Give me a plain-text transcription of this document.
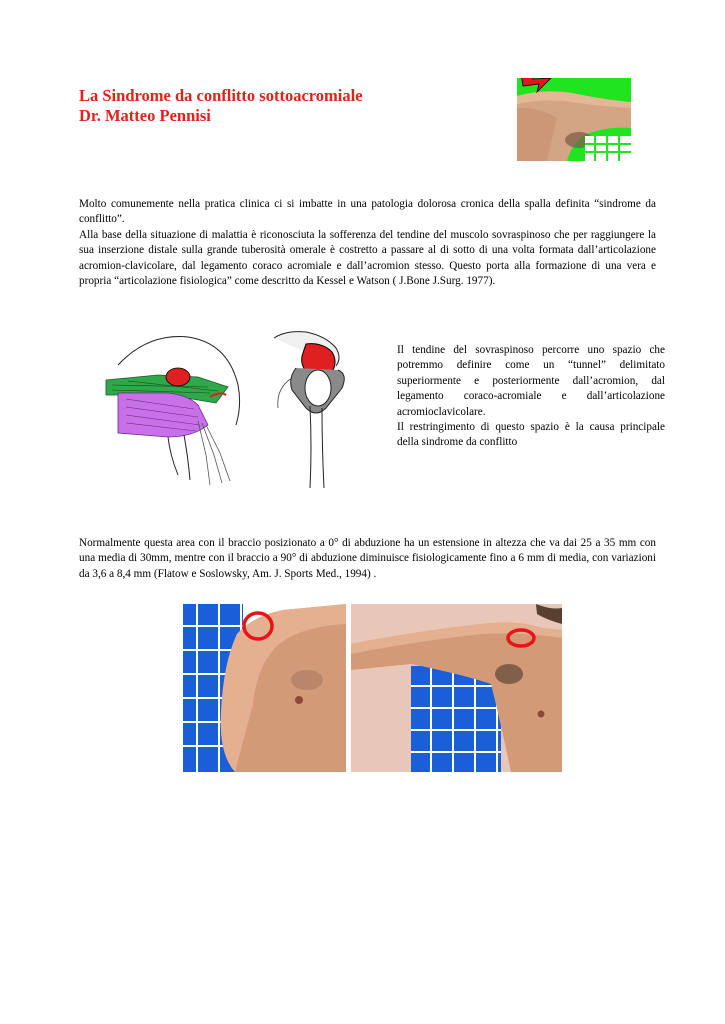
La Sindrome da conflitto sottoacromiale
Dr. Matteo Pennisi

Molto comunemente nella pratica clinica ci si imbatte in una patologia dolorosa cronica della spalla definita “sindrome da conflitto”.

Alla base della situazione di malattia è riconosciuta la sofferenza del tendine del muscolo sovraspinoso che per raggiungere la sua inserzione distale sulla grande tuberosità omerale è costretto a passare al di sotto di una volta formata dall’articolazione acromion-clavicolare, dal legamento coraco acromiale e dall’acromion stesso. Questo porta alla formazione di una vera e propria “articolazione fisiologica” come descritto da Kessel e Watson ( J.Bone J.Surg. 1977).

Il tendine del sovraspinoso percorre uno spazio che potremmo definire come un “tunnel” delimitato superiormente e posteriormente dall’acromion, dal legamento coraco-acromiale e dall’articolazione acromioclavicolare.

Il restringimento di questo spazio è la causa principale della sindrome da conflitto

Normalmente questa area con il braccio posizionato a 0° di abduzione ha un estensione in altezza che va dai 25 a 35 mm con una media di 30mm, mentre con il braccio a 90° di abduzione diminuisce fisiologicamente fino a 6 mm di media, con variazioni da 3,6 a 8,4 mm (Flatow e Soslowsky, Am. J. Sports Med., 1994) .
